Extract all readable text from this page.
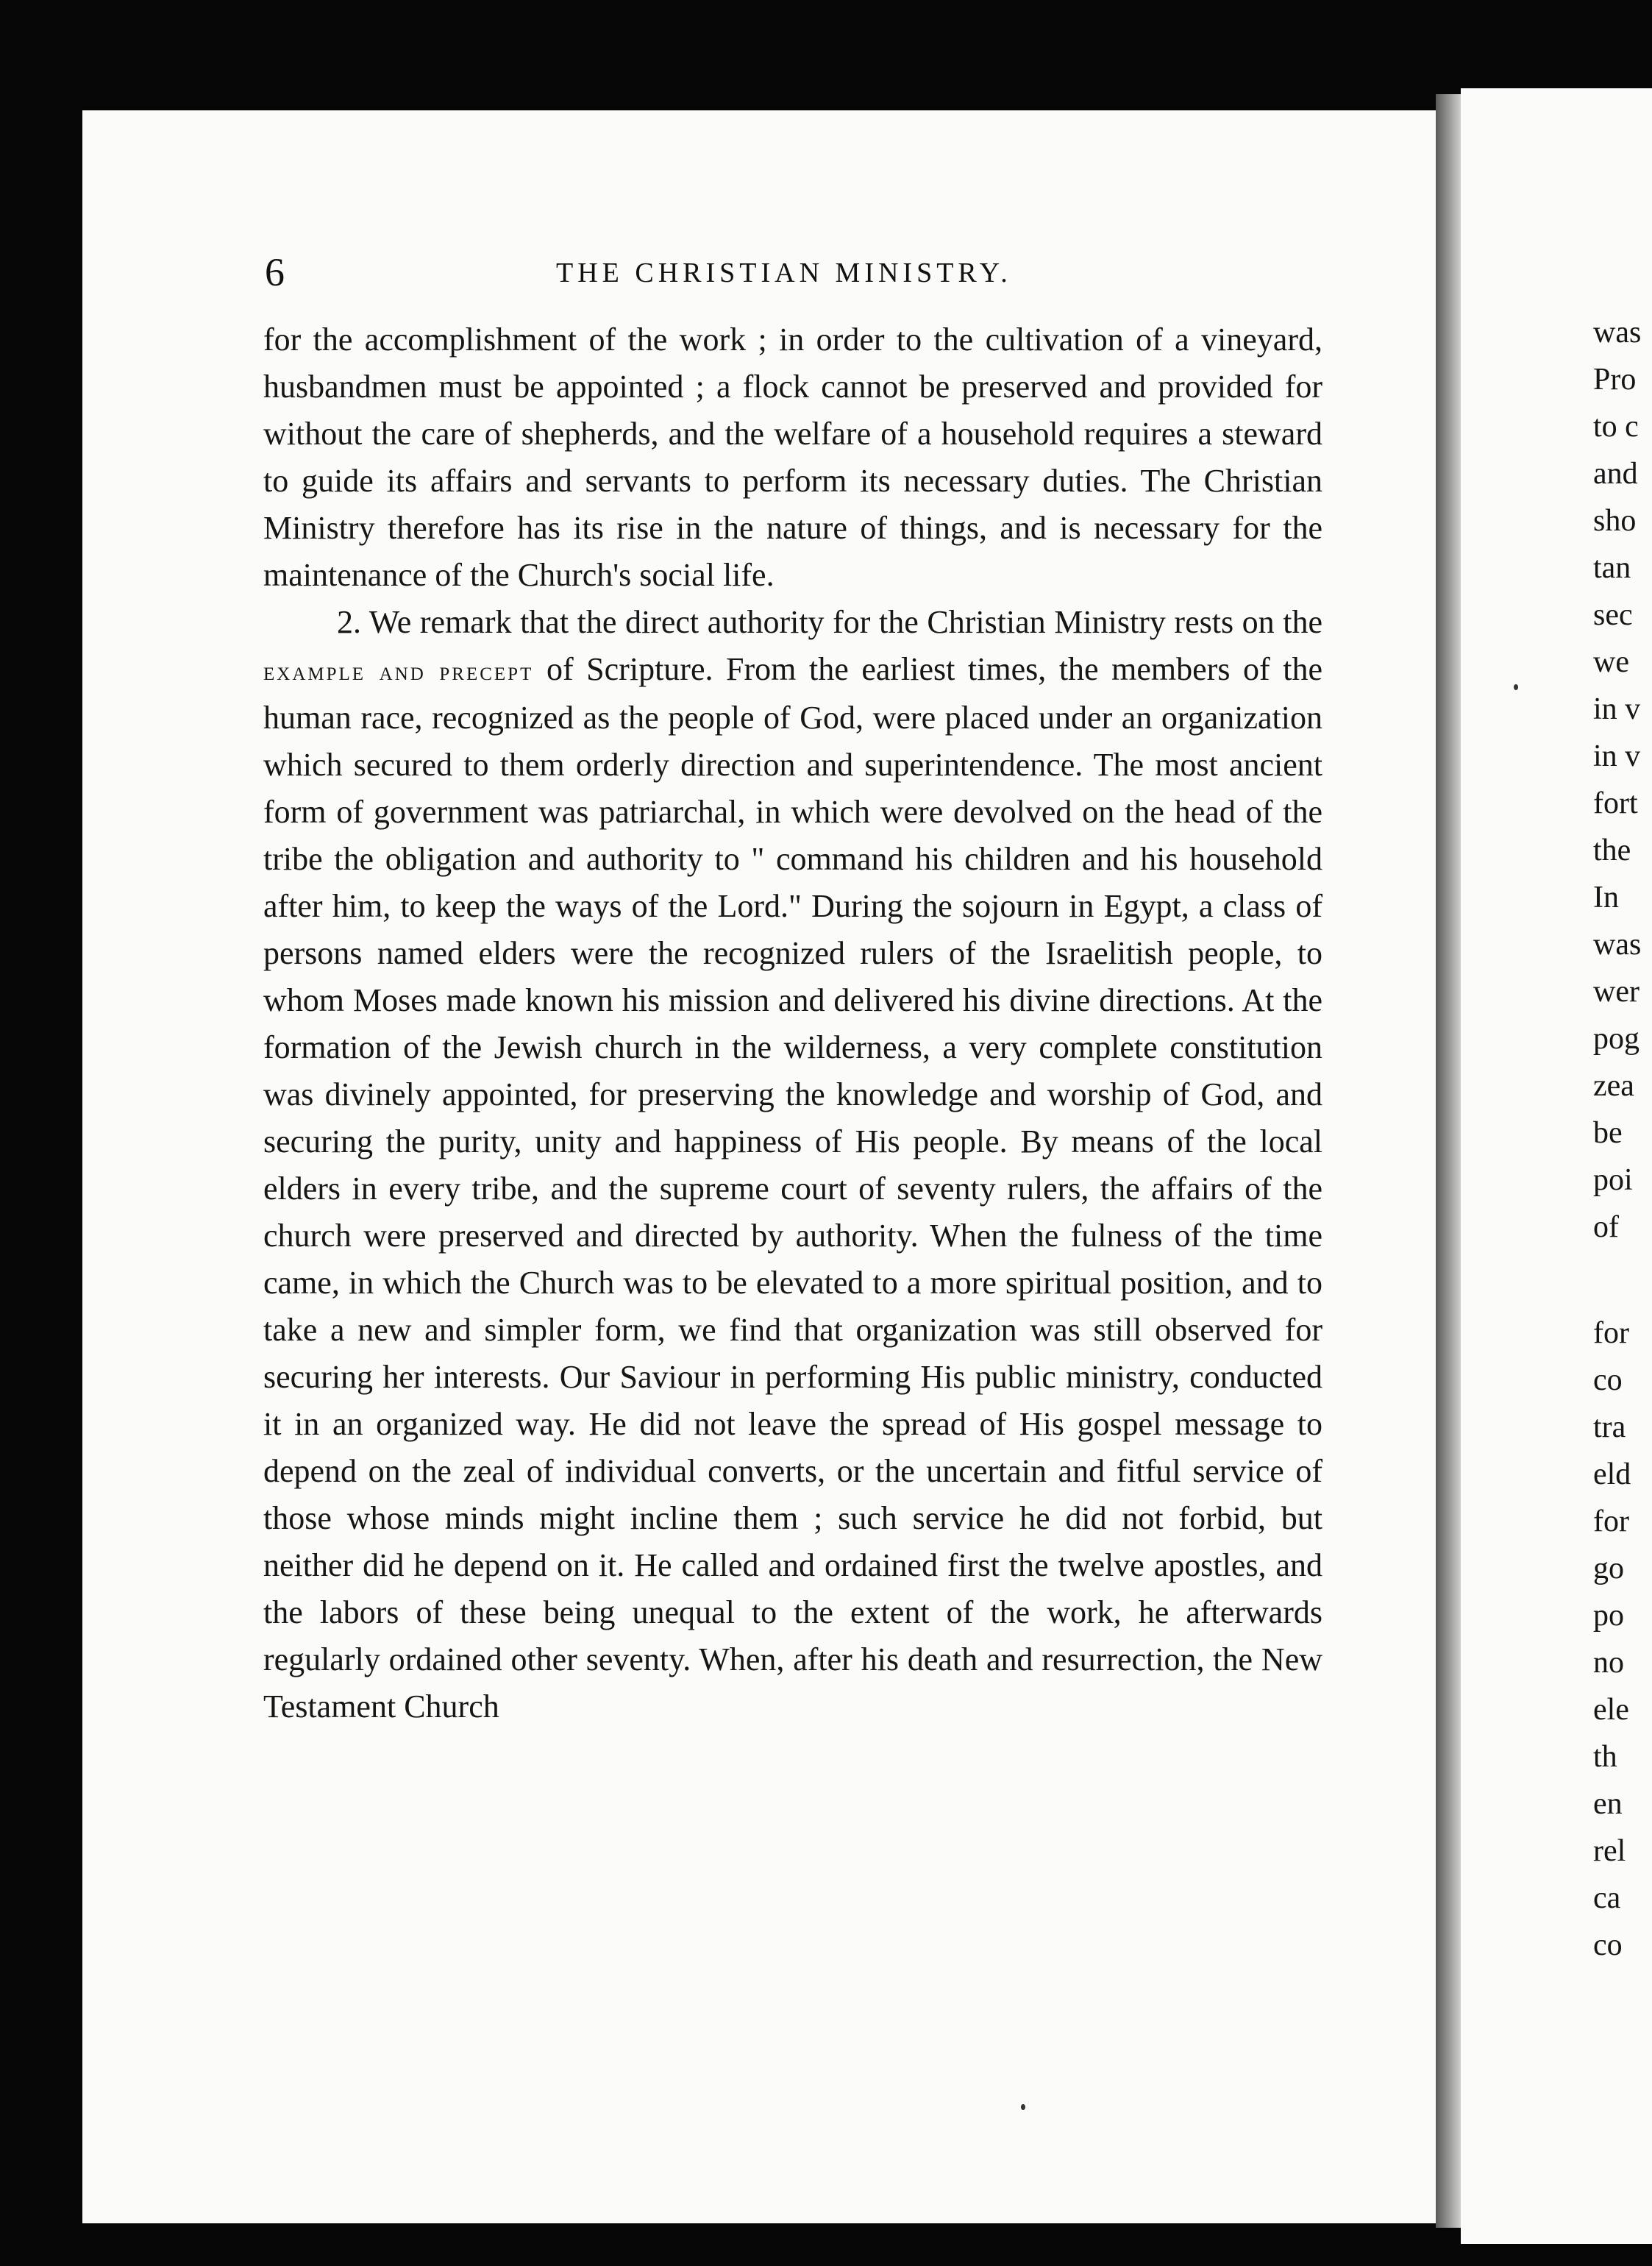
6	THE CHRISTIAN MINISTRY.

for the accomplishment of the work ; in order to the cultivation of a vineyard, husbandmen must be appointed ; a flock cannot be preserved and provided for without the care of shepherds, and the welfare of a household requires a steward to guide its affairs and servants to perform its necessary duties. The Christian Ministry therefore has its rise in the nature of things, and is necessary for the maintenance of the Church's social life.

2. We remark that the direct authority for the Christian Ministry rests on the example and precept of Scripture. From the earliest times, the members of the human race, recognized as the people of God, were placed under an organization which secured to them orderly direction and superintendence. The most ancient form of government was patriarchal, in which were devolved on the head of the tribe the obligation and authority to " command his children and his household after him, to keep the ways of the Lord." During the sojourn in Egypt, a class of persons named elders were the recognized rulers of the Israelitish people, to whom Moses made known his mission and delivered his divine directions. At the formation of the Jewish church in the wilderness, a very complete constitution was divinely appointed, for preserving the knowledge and worship of God, and securing the purity, unity and happiness of His people. By means of the local elders in every tribe, and the supreme court of seventy rulers, the affairs of the church were preserved and directed by authority. When the fulness of the time came, in which the Church was to be elevated to a more spiritual position, and to take a new and simpler form, we find that organization was still observed for securing her interests. Our Saviour in performing His public ministry, conducted it in an organized way. He did not leave the spread of His gospel message to depend on the zeal of individual converts, or the uncertain and fitful service of those whose minds might incline them ; such service he did not forbid, but neither did he depend on it. He called and ordained first the twelve apostles, and the labors of these being unequal to the extent of the work, he afterwards regularly ordained other seventy. When, after his death and resurrection, the New Testament Church

was
Pro
to c
and
sho
tan
sec
we
in v
in v
fort
the
In
was
wer
pog
zea
be
poi
of
for
co
tra
eld
for
go
po
no
ele
th
en
rel
ca
co
